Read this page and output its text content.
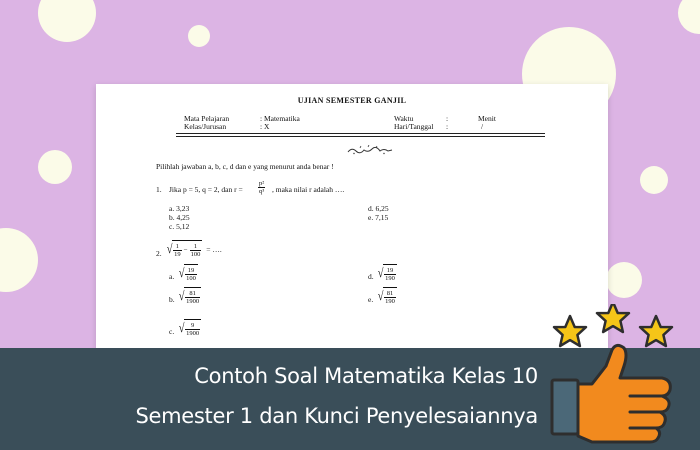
UJIAN SEMESTER GANJIL
Mata Pelajaran	: Matematika	Waktu	:	Menit
Kelas/Jurusan	: X	Hari/Tanggal :	/
Pilihlah jawaban a, b, c, d dan e yang menurut anda benar !
1. Jika p = 5, q = 2, dan $r = \frac{\text{p²}}{\text{q³}}$ , maka nilai r adalah ….
a. 3,23
b. 4,25
c. 5,12
d. 6,25
e. 7,15
2. √ $\frac{1}{19} - \frac{1}{100}$ = ….
a. √ $\frac{19}{100}$
b. √ $\frac{81}{1900}$
c. √ $\frac{9}{1900}$
d. √ $\frac{19}{190}$
e. √ $\frac{81}{190}$
Contoh Soal Matematika Kelas 10
Semester 1 dan Kunci Penyelesaiannya
